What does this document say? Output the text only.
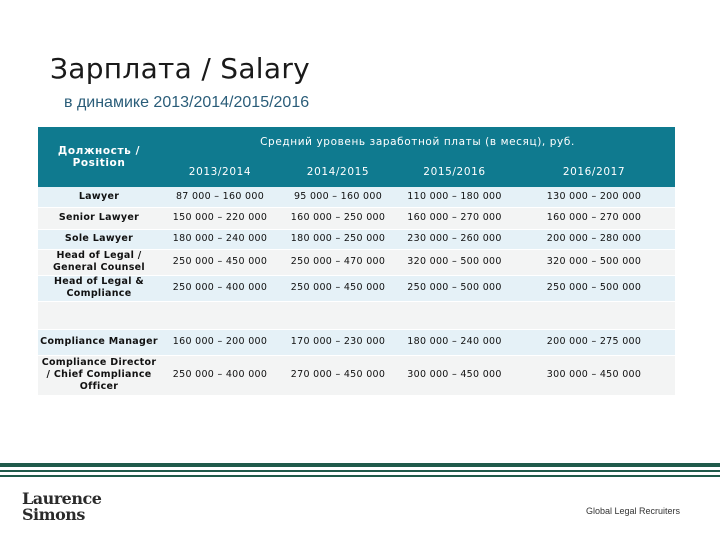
Зарплата / Salary
в динамике 2013/2014/2015/2016
Должность / Position	Средний уровень заработной платы (в месяц), руб.			
	2013/2014	2014/2015	2015/2016	2016/2017
Lawyer	87 000 – 160 000	95 000 – 160 000	110 000 – 180 000	130 000 – 200 000
Senior Lawyer	150 000 – 220 000	160 000 – 250 000	160 000 – 270 000	160 000 – 270 000
Sole Lawyer	180 000 – 240 000	180 000 – 250 000	230 000 – 260 000	200 000 – 280 000
Head of Legal / General Counsel	250 000 – 450 000	250 000 – 470 000	320 000 – 500 000	320 000 – 500 000
Head of Legal & Compliance	250 000 – 400 000	250 000 – 450 000	250 000 – 500 000	250 000 – 500 000

Compliance Manager	160 000 – 200 000	170 000 – 230 000	180 000 – 240 000	200 000 – 275 000
Compliance Director / Chief Compliance Officer	250 000 – 400 000	270 000 – 450 000	300 000 – 450 000	300 000 – 450 000
Laurence
Simons	Global Legal Recruiters
